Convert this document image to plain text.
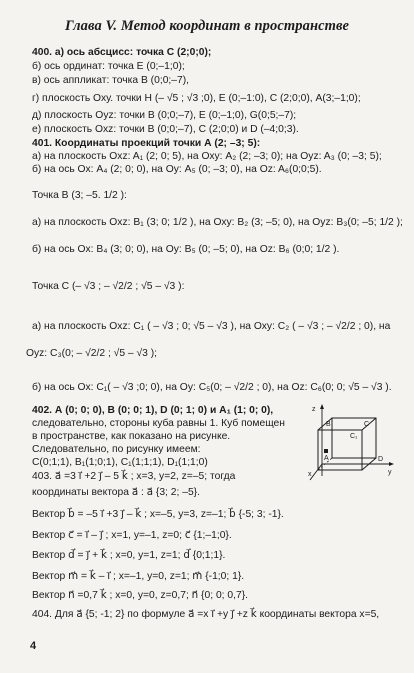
Глава V. Метод координат в пространстве
400. а) ось абсцисс: точка С (2;0;0);
б) ось ординат: точка Е (0;–1;0);
в) ось аппликат: точка В (0;0;–7),
г) плоскость Оху. точки Н (– √5 ; √3 ;0), Е (0;–1:0), С (2;0;0), А(3;–1;0);
д) плоскость Oyz: точки В (0;0;–7), Е (0;–1;0), G(0;5;–7);
е) плоскость Oxz: точки В (0;0;–7), С (2;0;0) и D (–4;0;3).
401. Координаты проекций точки А (2; –3; 5):
а) на плоскость Oxz: A₁ (2; 0; 5), на Оху: A₂ (2; –3; 0); на Oyz: A₃ (0; –3; 5);
б) на ось Ох: A₄ (2; 0; 0), на Оу: A₅ (0; –3; 0), на Oz: A₆(0;0;5).
Точка В (3; –5. 1/2 ):
а) на плоскость Oxz: B₁ (3; 0; 1/2 ), на Оху: B₂ (3; –5; 0), на Oyz: B₃(0; –5; 1/2 );
б) на ось Ох: B₄ (3; 0; 0), на Оу: B₅ (0; –5; 0), на Oz: B₆ (0;0; 1/2 ).
Точка С (– √3 ; – √2/2 ; √5 – √3 ):
а) на плоскость Oxz: C₁ ( – √3 ; 0; √5 – √3 ), на Оху: C₂ ( – √3 ; – √2/2 ; 0), на
Oyz: C₃(0; – √2/2 ; √5 – √3 );
б) на ось Ох: C₁( – √3 ;0; 0), на Оу: C₅(0; – √2/2 ; 0), на Oz: C₆(0; 0; √5 – √3 ).
402. А (0; 0; 0), В (0; 0; 1), D (0; 1; 0) и A₁ (1; 0; 0),
следовательно, стороны куба равны 1. Куб помещен
в пространстве, как показано на рисунке.
Следовательно, по рисунку имеем:
С(0;1;1), В₁(1;0;1), С₁(1;1;1), D₁(1;1;0)
403. a⃗ =3 i⃗ +2 j⃗ – 5 k⃗ ; х=3, у=2, z=–5; тогда
координаты вектора a⃗ : a⃗ {3; 2; –5}.
Вектор b⃗ = –5 i⃗ +3 j⃗ – k⃗ ; х=–5, у=3, z=–1; b⃗ {-5; 3; -1}.
Вектор c⃗ = i⃗ – j⃗ ; х=1, у=–1, z=0; c⃗ {1;–1;0}.
Вектор d⃗ = j⃗ + k⃗ ; х=0, у=1, z=1; d⃗ {0;1;1}.
Вектор m⃗ = k⃗ – i⃗ ; х=–1, у=0, z=1; m⃗ {-1;0; 1}.
Вектор n⃗ =0,7 k⃗ ; х=0, у=0, z=0,7; n⃗ {0; 0; 0,7}.
404. Для a⃗ {5; -1; 2} по формуле a⃗ =x i⃗ +y j⃗ +z k⃗ координаты вектора x=5,
z
y
x
B
C₁
C
A	D
4
